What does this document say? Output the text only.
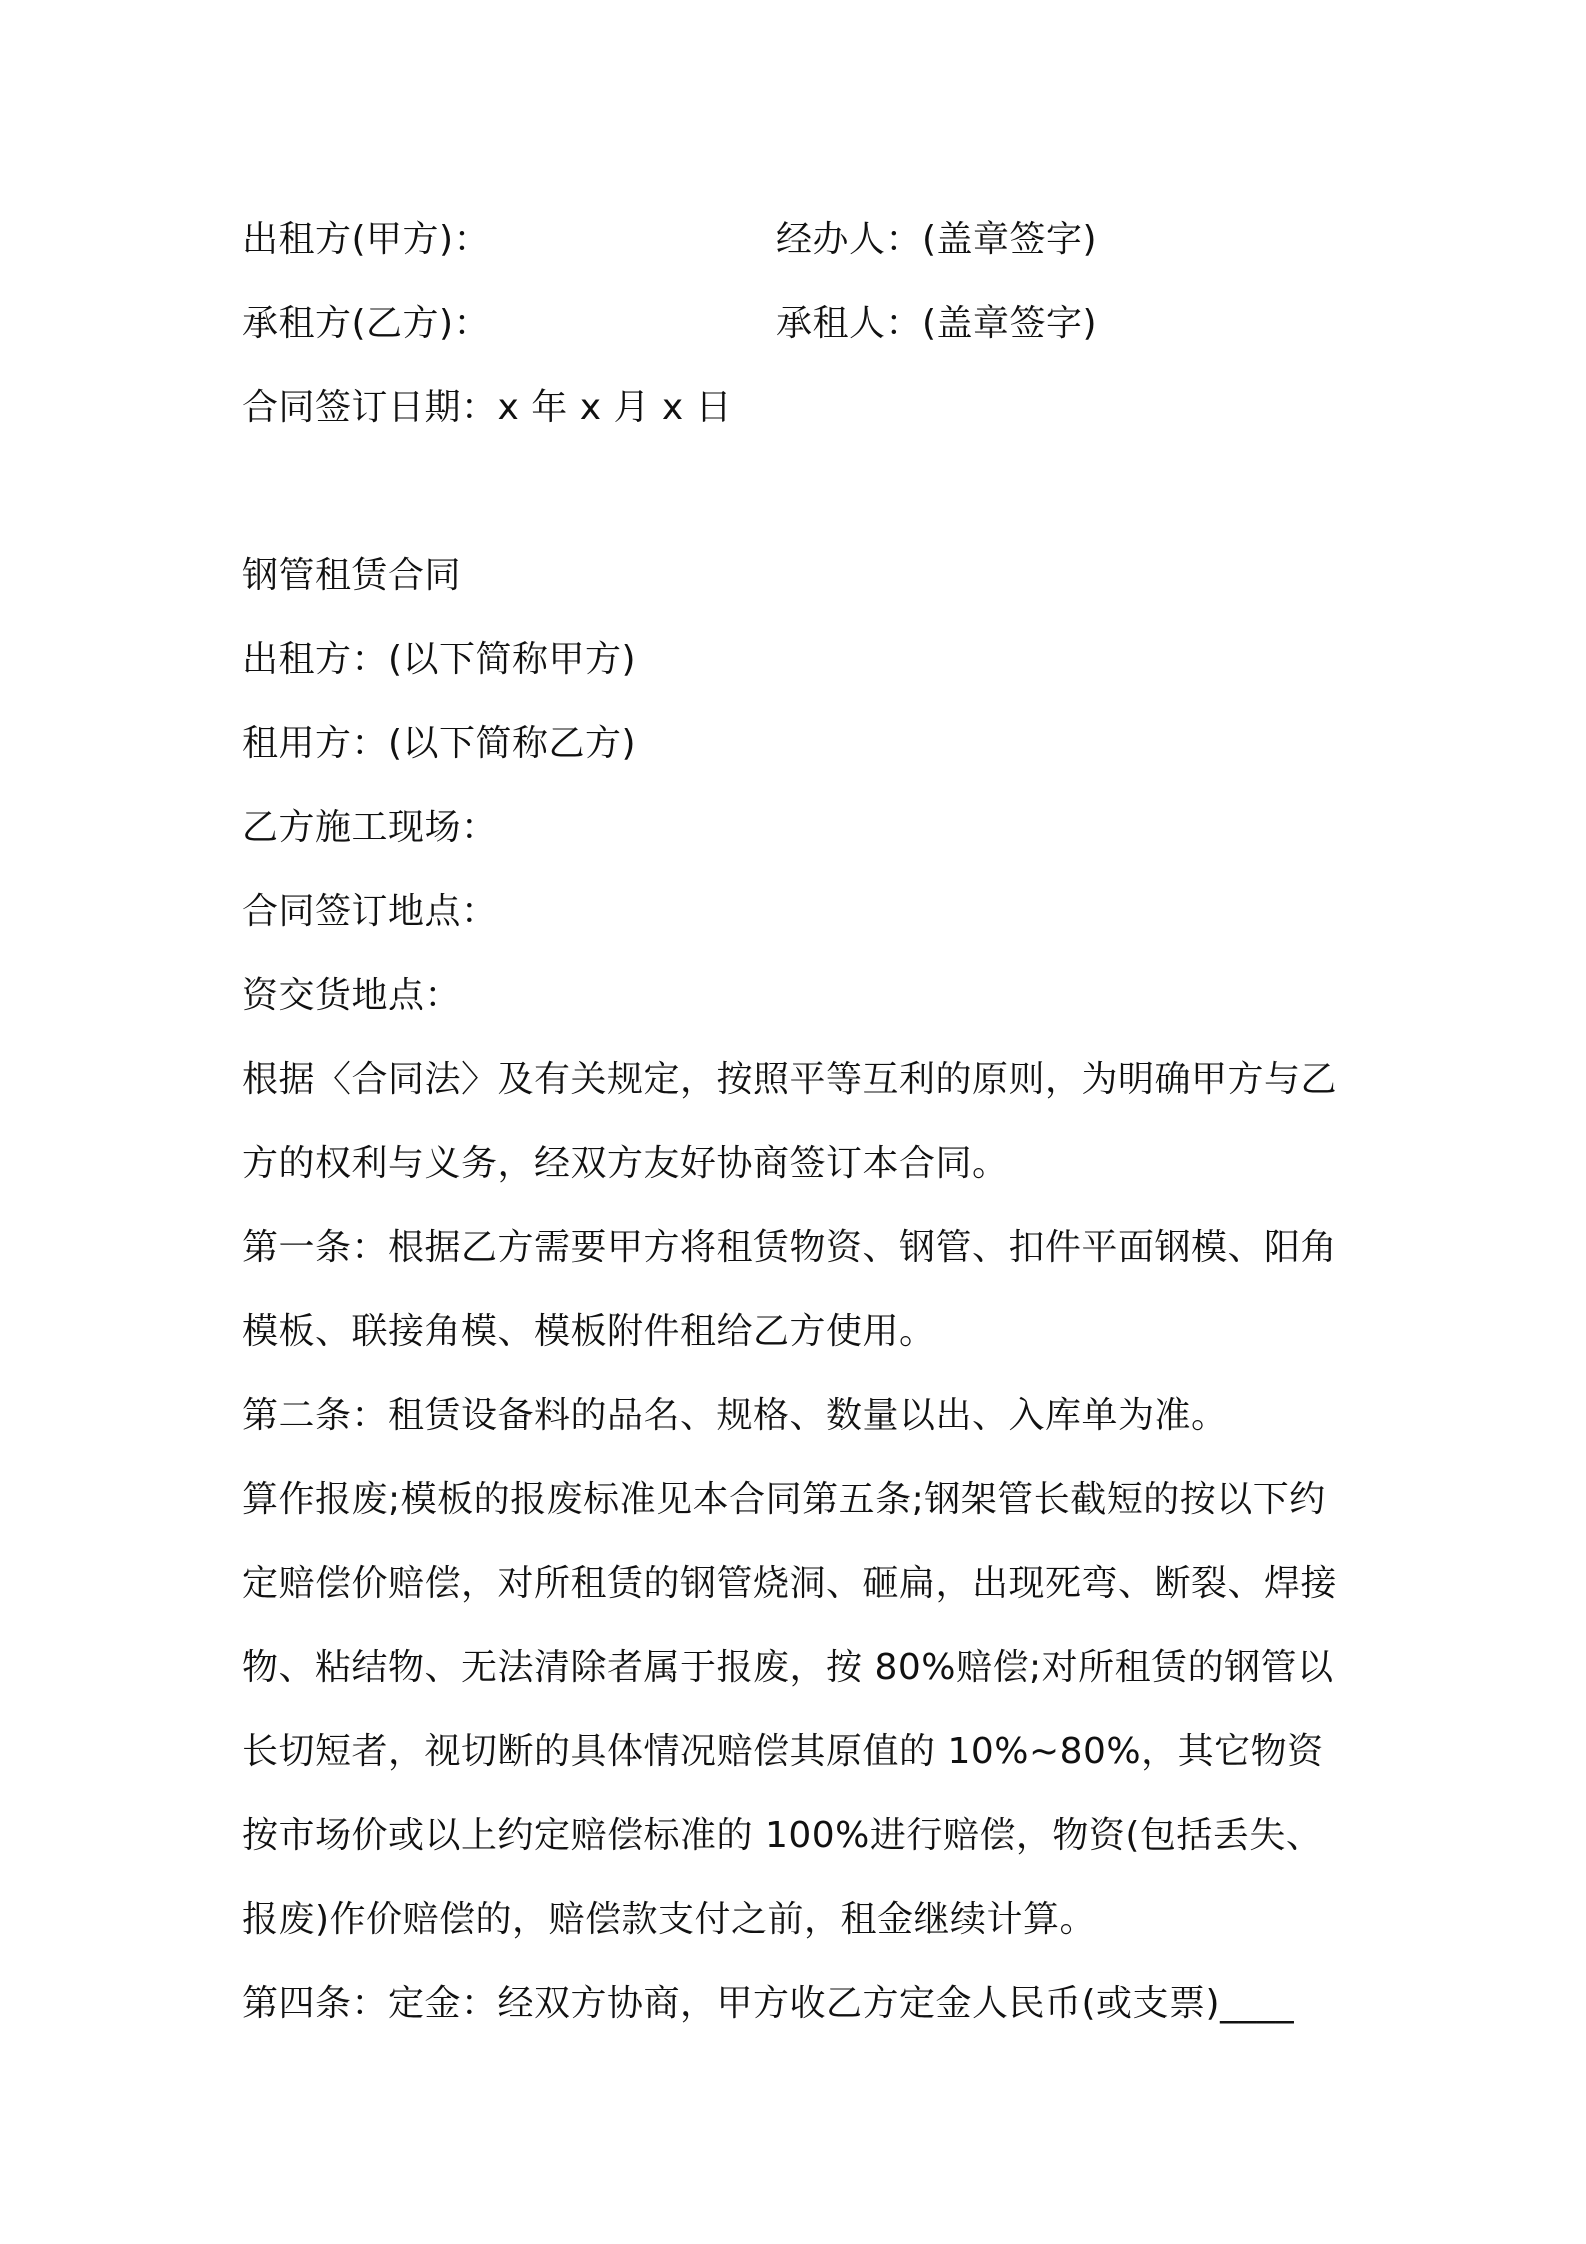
出租方(甲方)：	经办人：(盖章签字)
承租方(乙方)：	承租人：(盖章签字)
合同签订日期：x 年 x 月 x 日
钢管租赁合同
出租方：(以下简称甲方)
租用方：(以下简称乙方)
乙方施工现场：
合同签订地点：
资交货地点：
根据〈合同法〉及有关规定，按照平等互利的原则，为明确甲方与乙方的权利与义务，经双方友好协商签订本合同。
第一条：根据乙方需要甲方将租赁物资、钢管、扣件平面钢模、阳角模板、联接角模、模板附件租给乙方使用。
第二条：租赁设备料的品名、规格、数量以出、入库单为准。
算作报废;模板的报废标准见本合同第五条;钢架管长截短的按以下约定赔偿价赔偿，对所租赁的钢管烧洞、砸扁，出现死弯、断裂、焊接物、粘结物、无法清除者属于报废，按 80%赔偿;对所租赁的钢管以长切短者，视切断的具体情况赔偿其原值的 10%~80%，其它物资按市场价或以上约定赔偿标准的 100%进行赔偿，物资(包括丢失、报废)作价赔偿的，赔偿款支付之前，租金继续计算。
第四条：定金：经双方协商，甲方收乙方定金人民币(或支票)____
